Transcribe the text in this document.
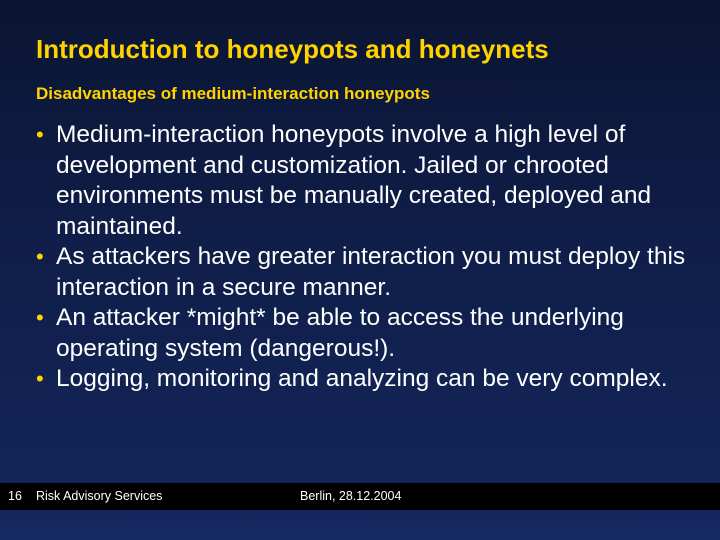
Introduction to honeypots and honeynets
Disadvantages of medium-interaction honeypots
• Medium-interaction honeypots involve a high level of development and customization. Jailed or chrooted environments must be manually created, deployed and maintained.
• As attackers have greater interaction you must deploy this interaction in a secure manner.
• An attacker *might* be able to access the underlying operating system (dangerous!).
• Logging, monitoring and analyzing can be very complex.
16 Risk Advisory Services	Berlin, 28.12.2004
